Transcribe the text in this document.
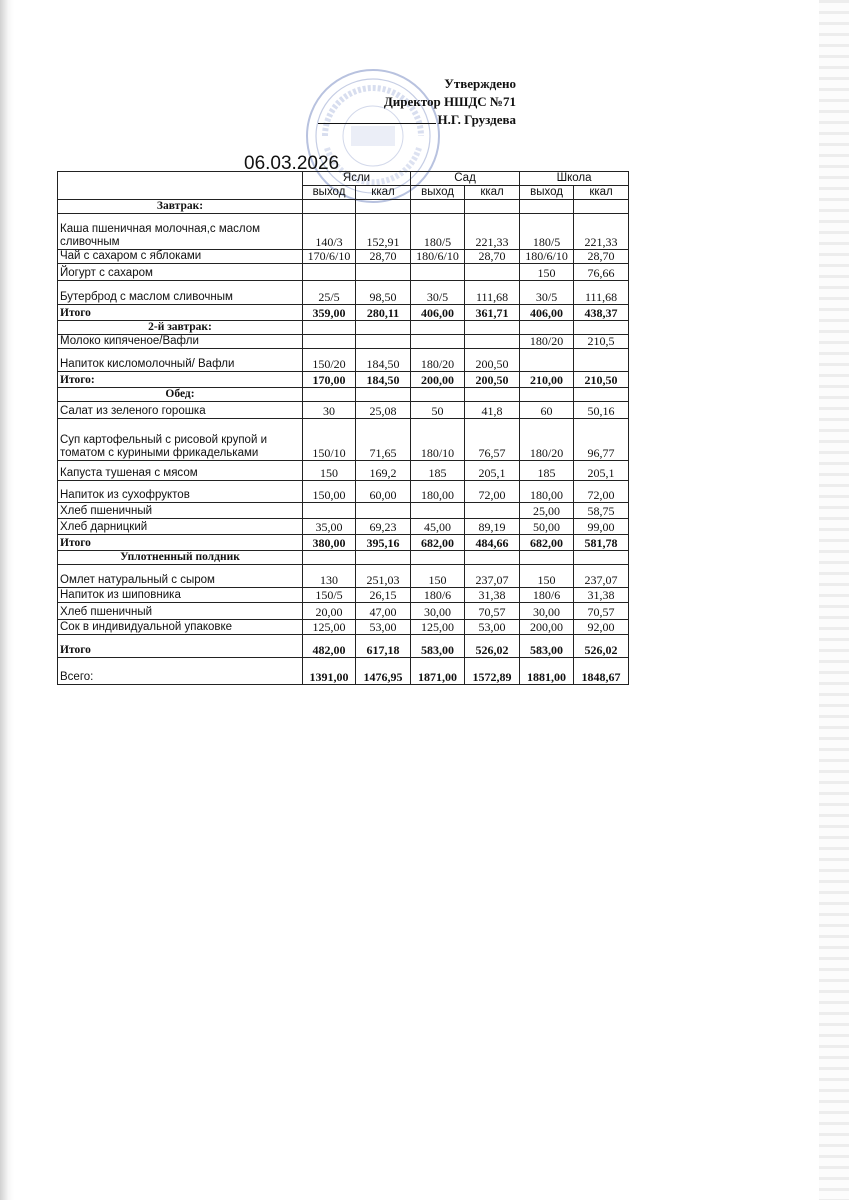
Утверждено
Директор НШДС №71
Н.Г. Груздева
06.03.2026
	Ясли		Сад		Школа	
	выход	ккал	выход	ккал	выход	ккал
Завтрак:						
Каша пшеничная молочная,с маслом сливочным	140/3	152,91	180/5	221,33	180/5	221,33
Чай с сахаром с яблоками	170/6/10	28,70	180/6/10	28,70	180/6/10	28,70
Йогурт с сахаром					150	76,66
Бутерброд с маслом сливочным	25/5	98,50	30/5	111,68	30/5	111,68
Итого	359,00	280,11	406,00	361,71	406,00	438,37
2-й завтрак:						
Молоко кипяченое/Вафли					180/20	210,5
Напиток кисломолочный/ Вафли	150/20	184,50	180/20	200,50		
Итого:	170,00	184,50	200,00	200,50	210,00	210,50
Обед:						
Салат из зеленого горошка	30	25,08	50	41,8	60	50,16
Суп картофельный с рисовой крупой и томатом с куриными фрикадельками	150/10	71,65	180/10	76,57	180/20	96,77
Капуста тушеная с мясом	150	169,2	185	205,1	185	205,1
Напиток из сухофруктов	150,00	60,00	180,00	72,00	180,00	72,00
Хлеб пшеничный					25,00	58,75
Хлеб дарницкий	35,00	69,23	45,00	89,19	50,00	99,00
Итого	380,00	395,16	682,00	484,66	682,00	581,78
Уплотненный полдник						
Омлет натуральный с сыром	130	251,03	150	237,07	150	237,07
Напиток из шиповника	150/5	26,15	180/6	31,38	180/6	31,38
Хлеб пшеничный	20,00	47,00	30,00	70,57	30,00	70,57
Сок в индивидуальной упаковке	125,00	53,00	125,00	53,00	200,00	92,00
Итого	482,00	617,18	583,00	526,02	583,00	526,02
Всего:	1391,00	1476,95	1871,00	1572,89	1881,00	1848,67
